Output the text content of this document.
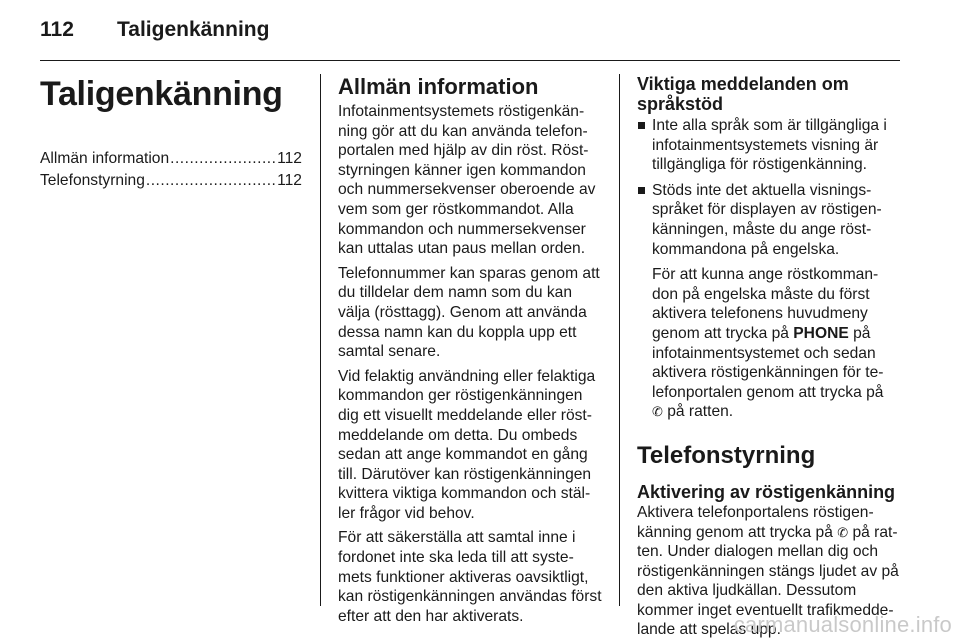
112 Taligenkänning
Taligenkänning
Allmän information .....	112
Telefonstyrning .....	112
Allmän information

Infotainmentsystemets röstigenkän-ning gör att du kan använda telefon-portalen med hjälp av din röst. Röst-styrningen känner igen kommandon och nummersekvenser oberoende av vem som ger röstkommandot. Alla kommandon och nummersekvenser kan uttalas utan paus mellan orden.

Telefonnummer kan sparas genom att du tilldelar dem namn som du kan välja (rösttagg). Genom att använda dessa namn kan du koppla upp ett samtal senare.

Vid felaktig användning eller felaktiga kommandon ger röstigenkänningen dig ett visuellt meddelande eller röst-meddelande om detta. Du ombeds sedan att ange kommandot en gång till. Därutöver kan röstigenkänningen kvittera viktiga kommandon och stäl-ler frågor vid behov.

För att säkerställa att samtal inne i fordonet inte ska leda till att syste-mets funktioner aktiveras oavsiktligt, kan röstigenkänningen användas först efter att den har aktiverats.

Viktiga meddelanden om språkstöd
Inte alla språk som är tillgängliga i infotainmentsystemets visning är tillgängliga för röstigenkänning.
Stöds inte det aktuella visnings-språket för displayen av röstigen-känningen, måste du ange röst-kommandona på engelska.

För att kunna ange röstkomman-don på engelska måste du först aktivera telefonens huvudmeny genom att trycka på PHONE på infotainmentsystemet och sedan aktivera röstigenkänningen för te-lefonportalen genom att trycka på
✆ på ratten.

Telefonstyrning
Aktivering av röstigenkänning

Aktivera telefonportalens röstigen-känning genom att trycka på ✆ på rat-ten. Under dialogen mellan dig och röstigenkänningen stängs ljudet av på den aktiva ljudkällan. Dessutom kommer inget eventuellt trafikmedde-lande att spelas upp.

carmanualsonline.info
